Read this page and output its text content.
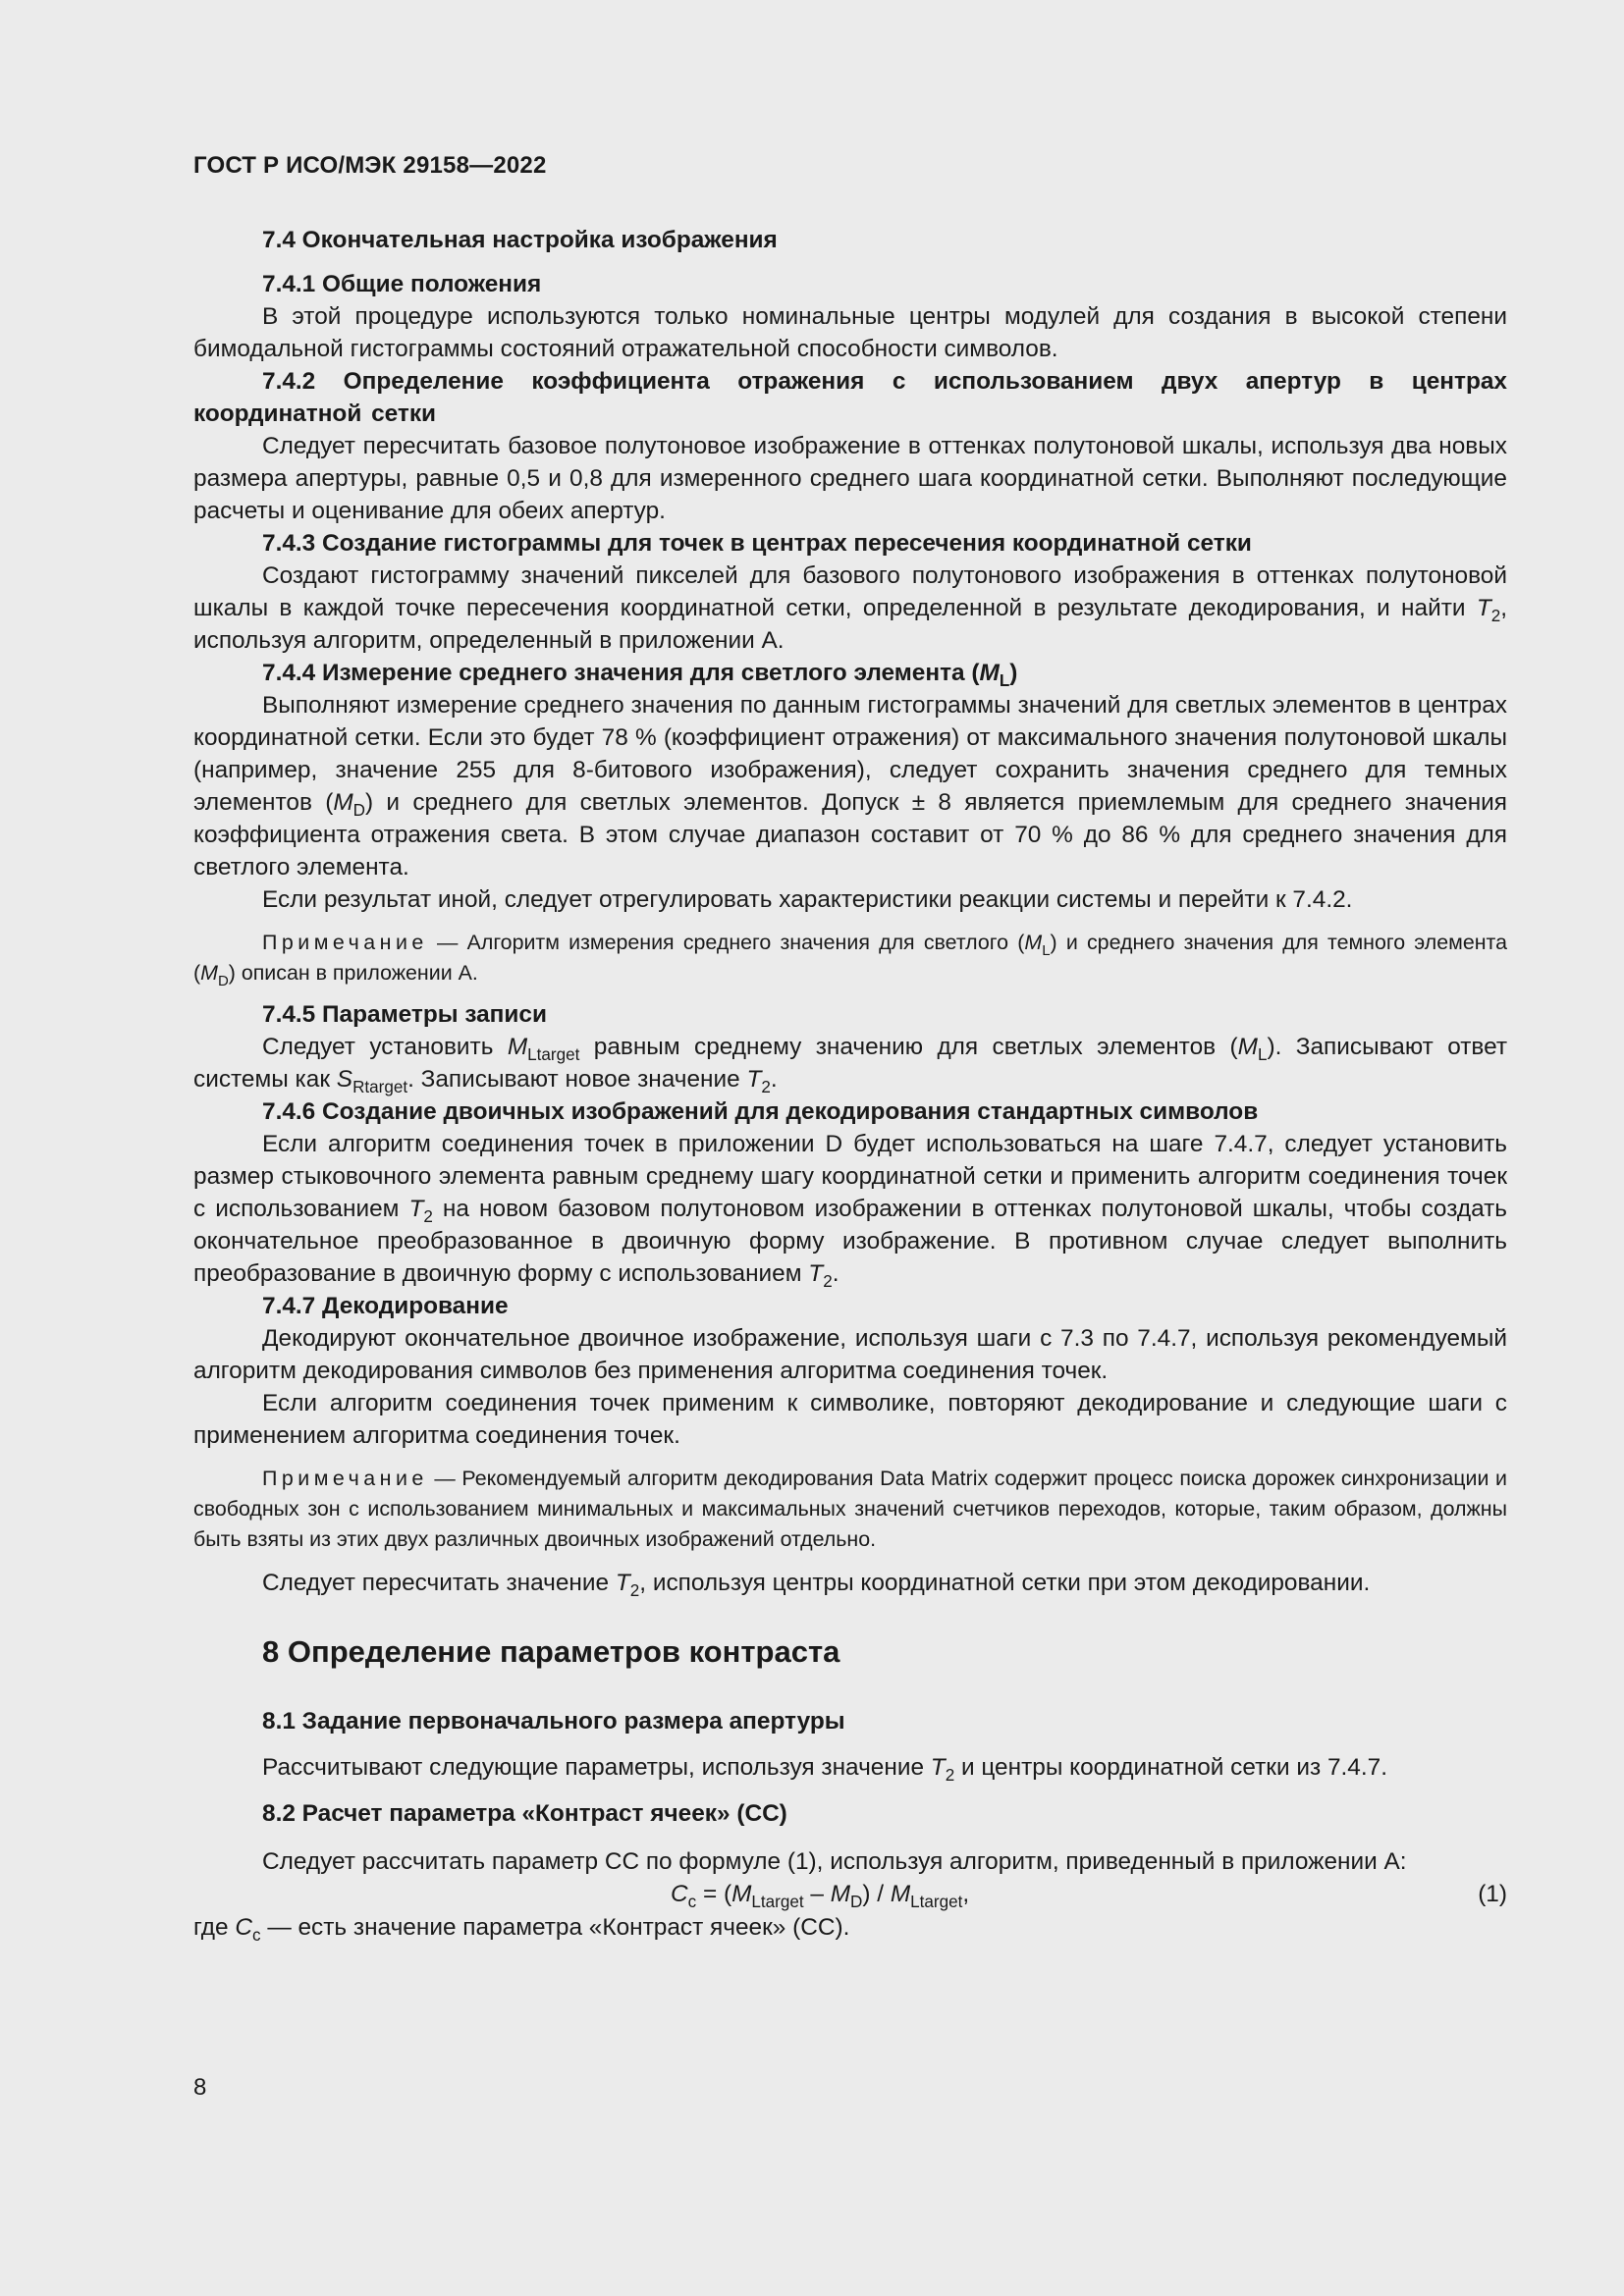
ГОСТ Р ИСО/МЭК 29158—2022

7.4 Окончательная настройка изображения

7.4.1 Общие положения

В этой процедуре используются только номинальные центры модулей для создания в высокой степени бимодальной гистограммы состояний отражательной способности символов.

7.4.2 Определение коэффициента отражения с использованием двух апертур в центрах координатной сетки

Следует пересчитать базовое полутоновое изображение в оттенках полутоновой шкалы, используя два новых размера апертуры, равные 0,5 и 0,8 для измеренного среднего шага координатной сетки. Выполняют последующие расчеты и оценивание для обеих апертур.

7.4.3 Создание гистограммы для точек в центрах пересечения координатной сетки

Создают гистограмму значений пикселей для базового полутонового изображения в оттенках полутоновой шкалы в каждой точке пересечения координатной сетки, определенной в результате декодирования, и найти $T_2$, используя алгоритм, определенный в приложении А.

7.4.4 Измерение среднего значения для светлого элемента $(M_L)$

Выполняют измерение среднего значения по данным гистограммы значений для светлых элементов в центрах координатной сетки. Если это будет 78 % (коэффициент отражения) от максимального значения полутоновой шкалы (например, значение 255 для 8-битового изображения), следует сохранить значения среднего для темных элементов $(M_D)$ и среднего для светлых элементов. Допуск ± 8 является приемлемым для среднего значения коэффициента отражения света. В этом случае диапазон составит от 70 % до 86 % для среднего значения для светлого элемента.

Если результат иной, следует отрегулировать характеристики реакции системы и перейти к 7.4.2.

Примечание — Алгоритм измерения среднего значения для светлого $(M_L)$ и среднего значения для темного элемента $(M_D)$ описан в приложении А.

7.4.5 Параметры записи

Следует установить $M_{Ltarget}$ равным среднему значению для светлых элементов $(M_L)$. Записывают ответ системы как $S_{Rtarget}$. Записывают новое значение $T_2$.

7.4.6 Создание двоичных изображений для декодирования стандартных символов

Если алгоритм соединения точек в приложении D будет использоваться на шаге 7.4.7, следует установить размер стыковочного элемента равным среднему шагу координатной сетки и применить алгоритм соединения точек с использованием $T_2$ на новом базовом полутоновом изображении в оттенках полутоновой шкалы, чтобы создать окончательное преобразованное в двоичную форму изображение. В противном случае следует выполнить преобразование в двоичную форму с использованием $T_2$.

7.4.7 Декодирование

Декодируют окончательное двоичное изображение, используя шаги с 7.3 по 7.4.7, используя рекомендуемый алгоритм декодирования символов без применения алгоритма соединения точек.

Если алгоритм соединения точек применим к символике, повторяют декодирование и следующие шаги с применением алгоритма соединения точек.

Примечание — Рекомендуемый алгоритм декодирования Data Matrix содержит процесс поиска дорожек синхронизации и свободных зон с использованием минимальных и максимальных значений счетчиков переходов, которые, таким образом, должны быть взяты из этих двух различных двоичных изображений отдельно.

Следует пересчитать значение $T_2$, используя центры координатной сетки при этом декодировании.

8 Определение параметров контраста

8.1 Задание первоначального размера апертуры

Рассчитывают следующие параметры, используя значение $T_2$ и центры координатной сетки из 7.4.7.

8.2 Расчет параметра «Контраст ячеек» (CC)

Следует рассчитать параметр CC по формуле (1), используя алгоритм, приведенный в приложении А:

$C_c = (M_{Ltarget} - M_D) / M_{Ltarget}$,	(1)

где $C_c$ — есть значение параметра «Контраст ячеек» (CC).

8
